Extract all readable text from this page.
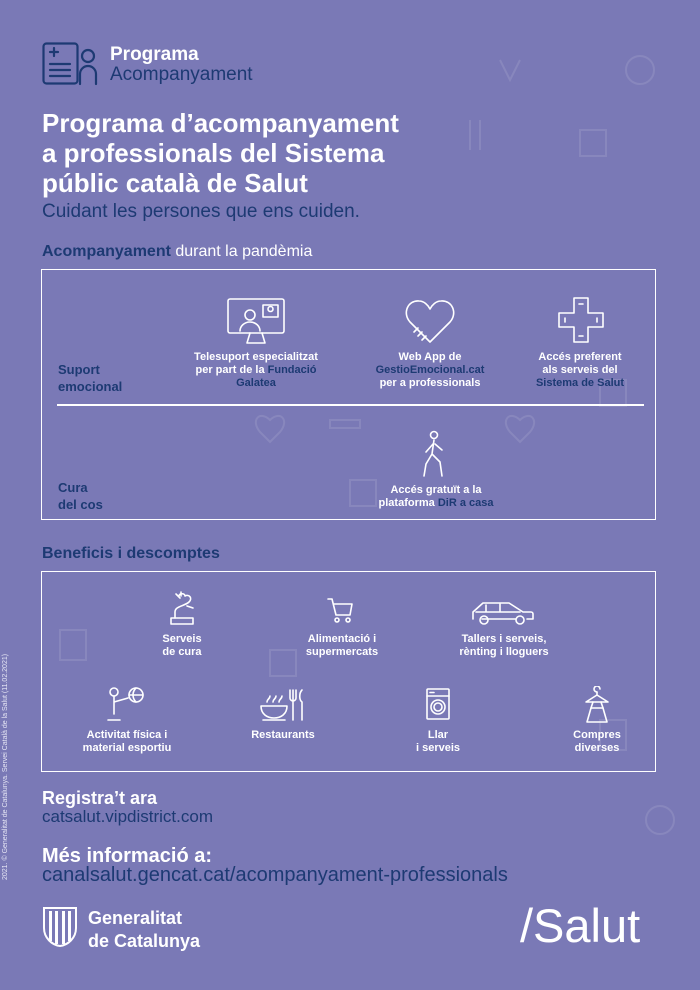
Programa
Acompanyament
Programa d’acompanyament
a professionals del Sistema
públic català de Salut
Cuidant les persones que ens cuiden.
Acompanyament durant la pandèmia
Suport
emocional
Cura
del cos
Telesuport especialitzat
per part de la Fundació
Galatea
Web App de
GestioEmocional.cat
per a professionals
Accés preferent
als serveis del
Sistema de Salut
Accés gratuït a la
plataforma DiR a casa
Beneficis i descomptes
Serveis
de cura
Alimentació i
supermercats
Tallers i serveis,
rènting i lloguers
Activitat física i
material esportiu
Restaurants	Llar
i serveis
Compres
diverses
Registra’t ara
catsalut.vipdistrict.com
Més informació a:
canalsalut.gencat.cat/acompanyament-professionals
2021. © Generalitat de Catalunya. Servei Català de la Salut (11.02.2021)
Generalitat
de Catalunya	/Salut
